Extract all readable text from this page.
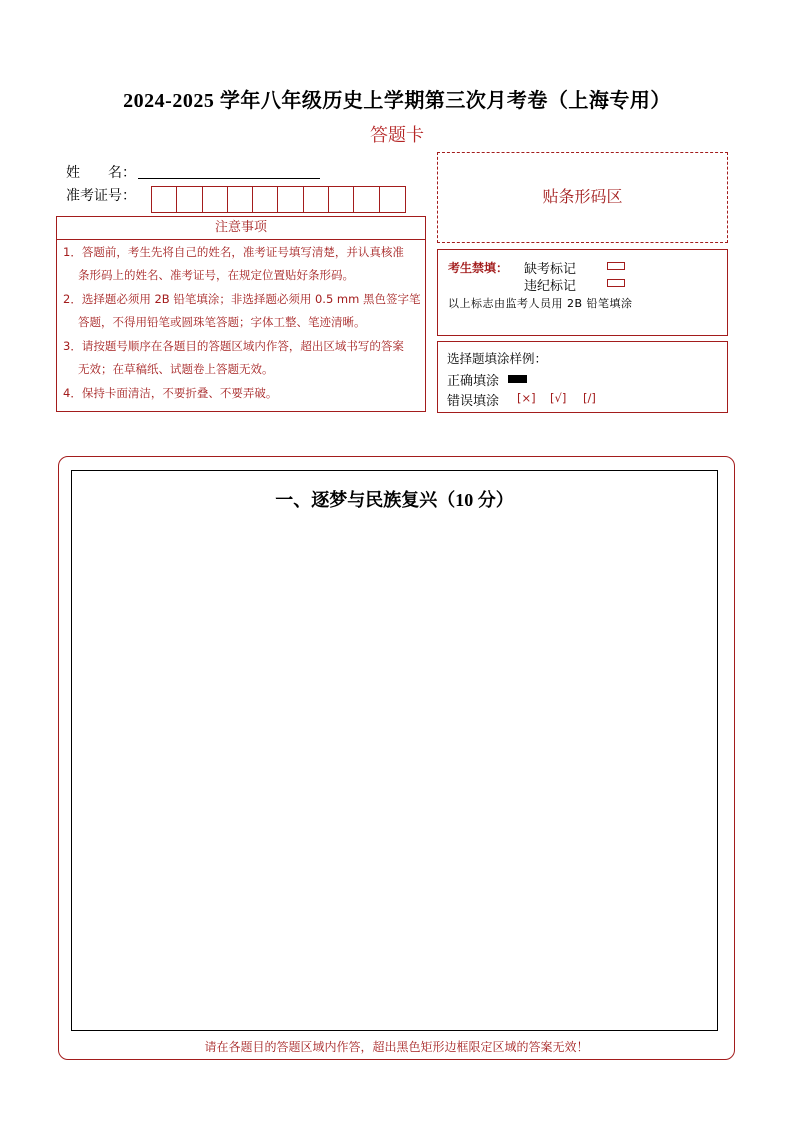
2024-2025 学年八年级历史上学期第三次月考卷（上海专用）
答题卡
姓　　名：
准考证号：
注意事项
1．答题前，考生先将自己的姓名，准考证号填写清楚，并认真核准
条形码上的姓名、准考证号，在规定位置贴好条形码。
2．选择题必须用 2B 铅笔填涂；非选择题必须用 0.5 mm 黑色签字笔
答题，不得用铅笔或圆珠笔答题；字体工整、笔迹清晰。
3．请按题号顺序在各题目的答题区域内作答，超出区域书写的答案
无效；在草稿纸、试题卷上答题无效。
4．保持卡面清洁，不要折叠、不要弄破。
贴条形码区
考生禁填： 缺考标记
违纪标记
以上标志由监考人员用 2B 铅笔填涂
选择题填涂样例：
正确填涂
错误填涂 [×] [√] [/]
一、逐梦与民族复兴（10 分）
请在各题目的答题区域内作答，超出黑色矩形边框限定区域的答案无效！
